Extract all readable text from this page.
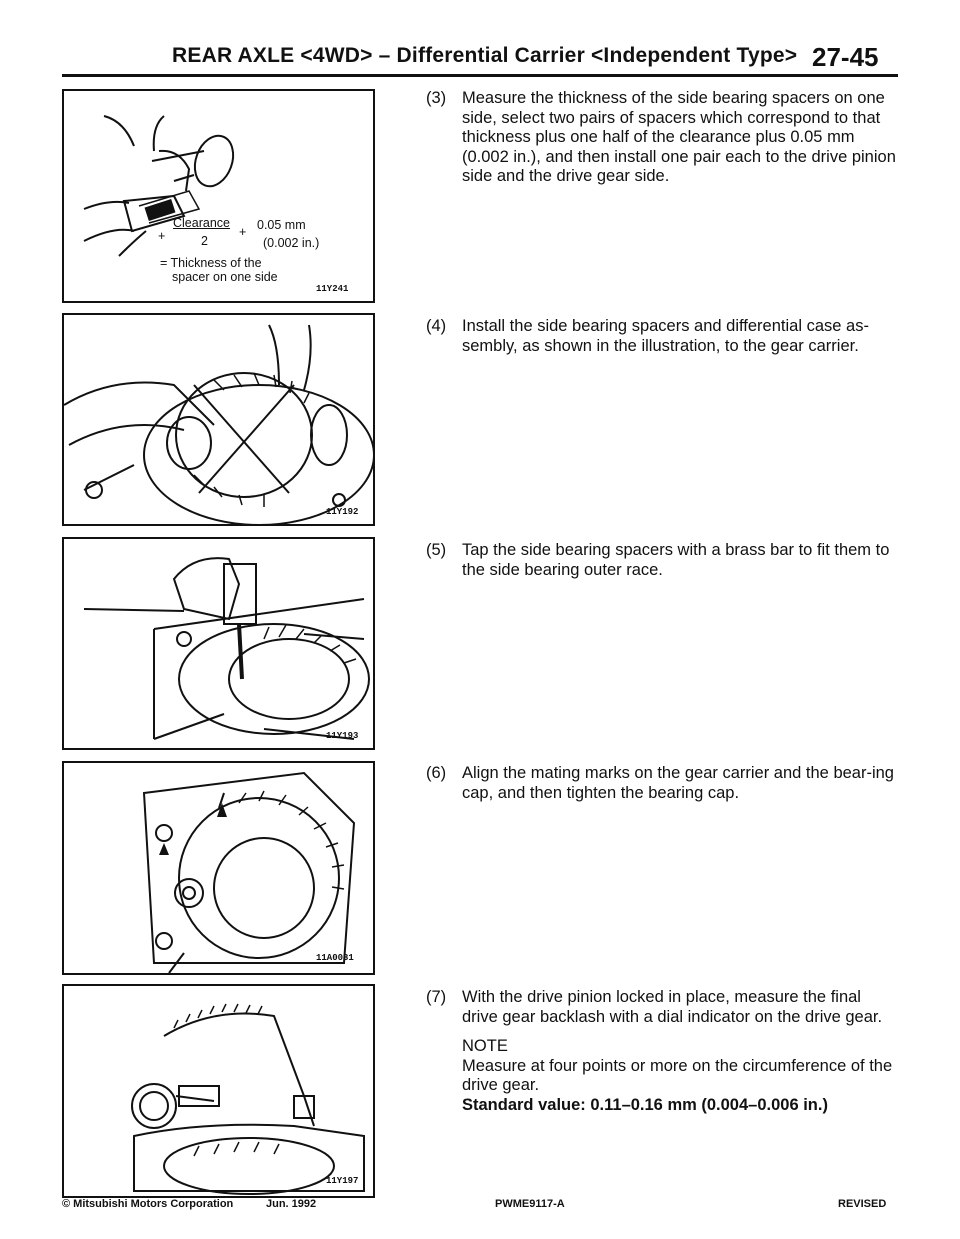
REAR AXLE <4WD> – Differential Carrier <Independent Type> 27-45
+
Clearance
2
+ 0.05 mm
(0.002 in.)
= Thickness of the
spacer on one side
11Y241
11Y192
11Y193
11A0031
11Y197
(3) Measure the thickness of the side bearing spacers on one side, select two pairs of spacers which correspond to that thickness plus one half of the clearance plus 0.05 mm (0.002 in.), and then install one pair each to the drive pinion side and the drive gear side.
(4) Install the side bearing spacers and differential case as-sembly, as shown in the illustration, to the gear carrier.
(5) Tap the side bearing spacers with a brass bar to fit them to the side bearing outer race.
(6) Align the mating marks on the gear carrier and the bear-ing cap, and then tighten the bearing cap.
(7) With the drive pinion locked in place, measure the final drive gear backlash with a dial indicator on the drive gear.
NOTE
Measure at four points or more on the circumference of the drive gear.
Standard value: 0.11–0.16 mm (0.004–0.006 in.)
© Mitsubishi Motors Corporation	Jun. 1992	PWME9117-A	REVISED
